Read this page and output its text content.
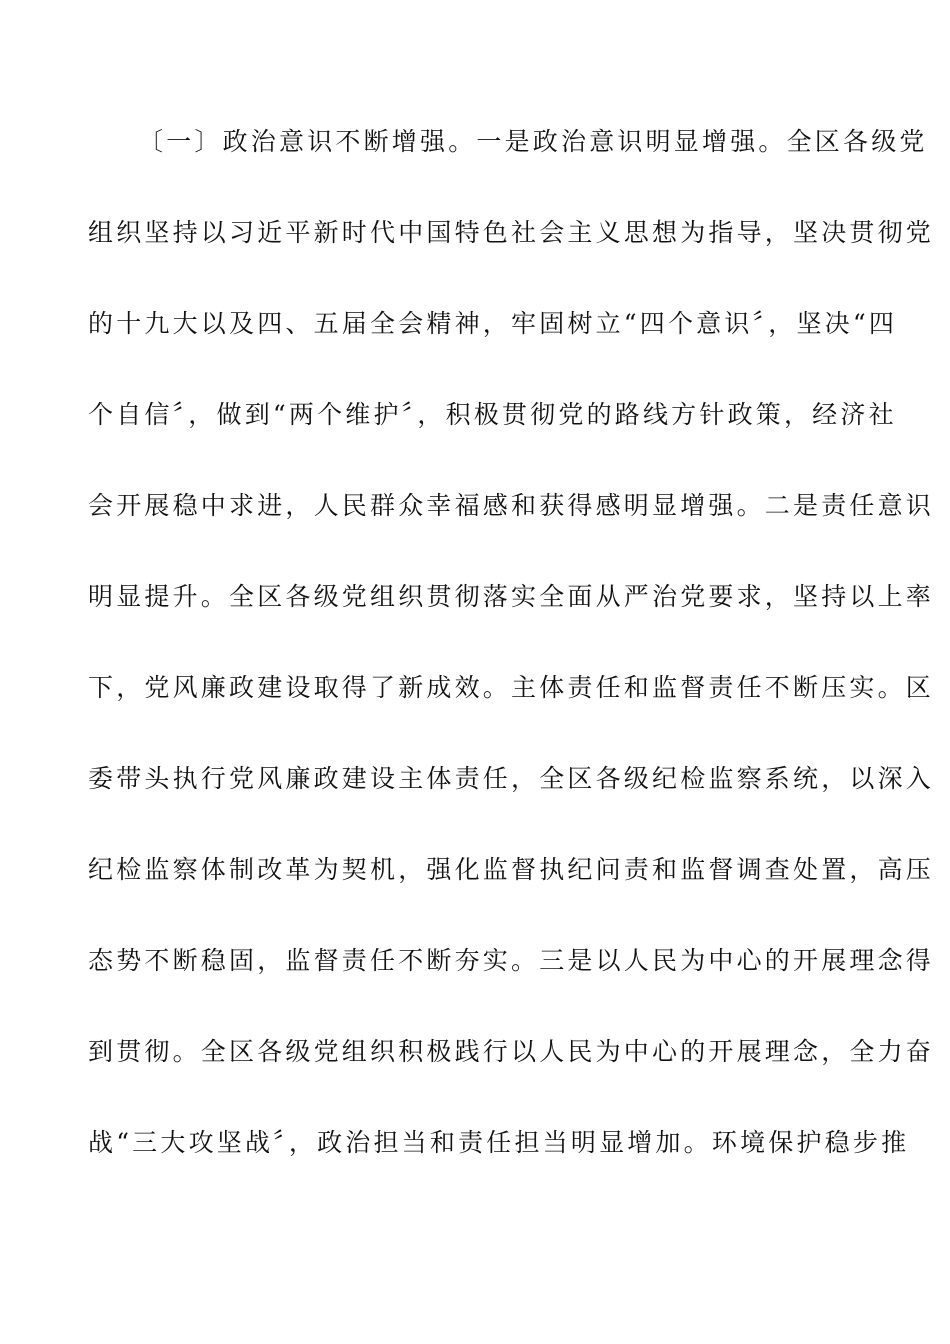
〔一〕政治意识不断增强。一是政治意识明显增强。全区各级党
组织坚持以习近平新时代中国特色社会主义思想为指导，坚决贯彻党
的十九大以及四、五届全会精神，牢固树立“四个意识〞，坚决“四
个自信〞，做到“两个维护〞，积极贯彻党的路线方针政策，经济社
会开展稳中求进，人民群众幸福感和获得感明显增强。二是责任意识
明显提升。全区各级党组织贯彻落实全面从严治党要求，坚持以上率
下，党风廉政建设取得了新成效。主体责任和监督责任不断压实。区
委带头执行党风廉政建设主体责任，全区各级纪检监察系统，以深入
纪检监察体制改革为契机，强化监督执纪问责和监督调查处置，高压
态势不断稳固，监督责任不断夯实。三是以人民为中心的开展理念得
到贯彻。全区各级党组织积极践行以人民为中心的开展理念，全力奋
战“三大攻坚战〞，政治担当和责任担当明显增加。环境保护稳步推
